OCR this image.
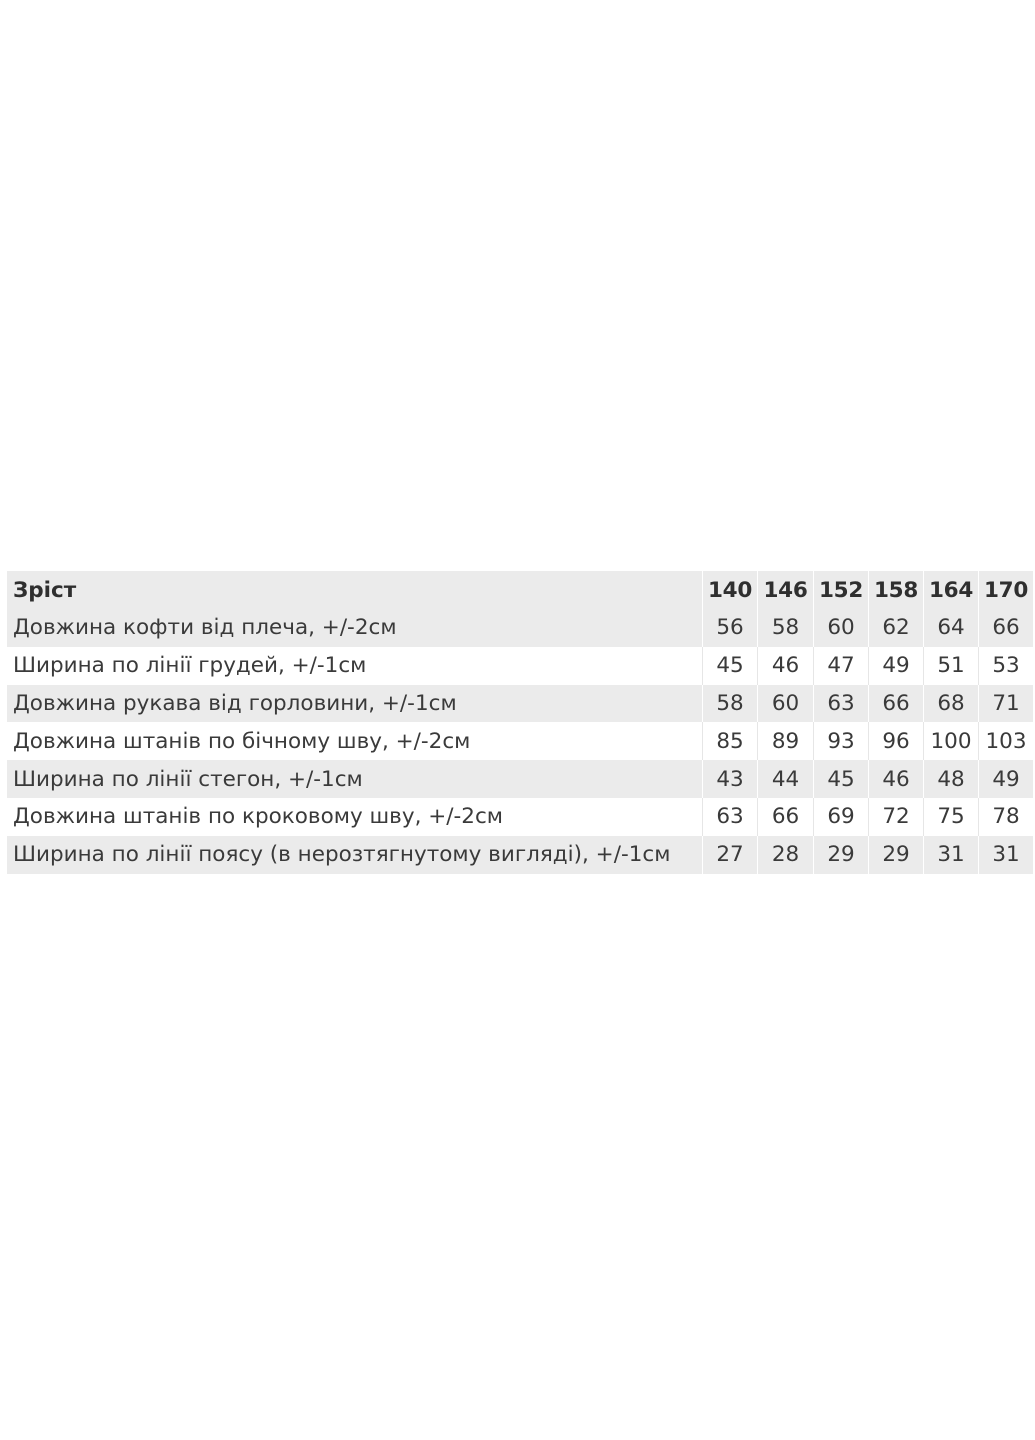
Зріст	140	146	152	158	164	170
Довжина кофти від плеча, +/-2см	56	58	60	62	64	66
Ширина по лінії грудей, +/-1см	45	46	47	49	51	53
Довжина рукава від горловини, +/-1см	58	60	63	66	68	71
Довжина штанів по бічному шву, +/-2см	85	89	93	96	100	103
Ширина по лінії стегон, +/-1см	43	44	45	46	48	49
Довжина штанів по кроковому шву, +/-2см	63	66	69	72	75	78
Ширина по лінії поясу (в нерозтягнутому вигляді), +/-1см	27	28	29	29	31	31
